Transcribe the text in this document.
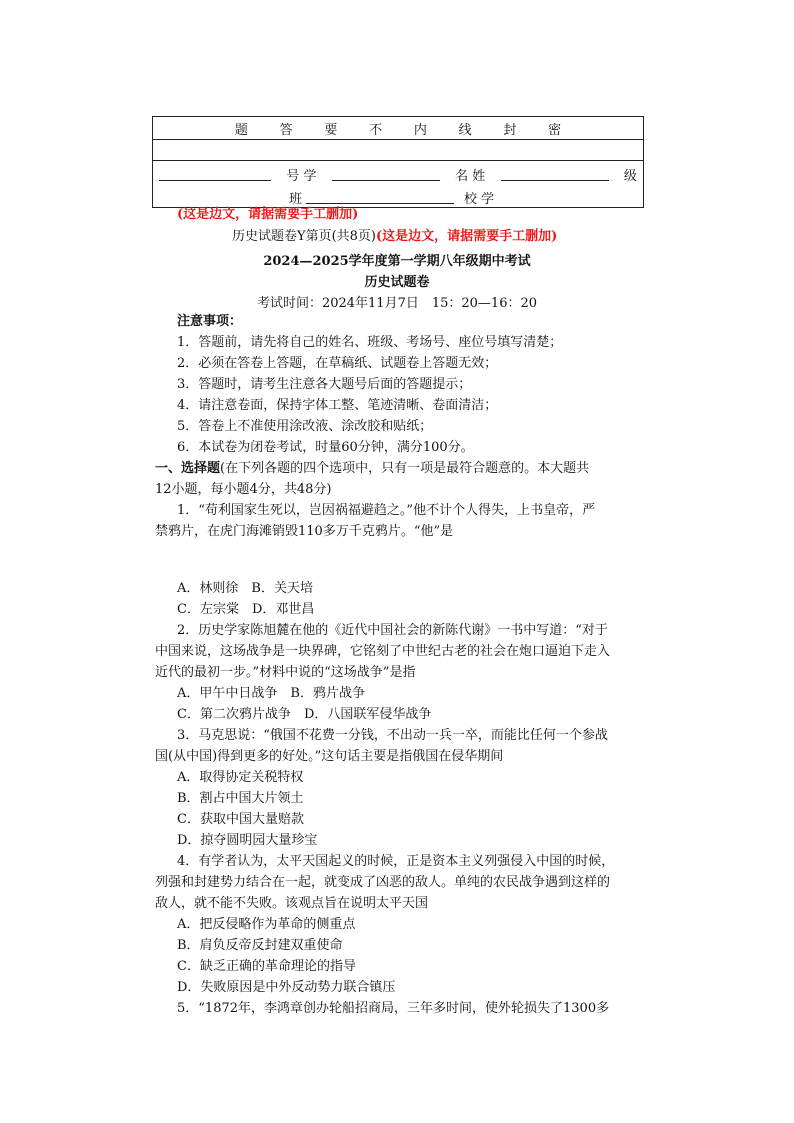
题 答 要 不 内 线 封 密

号 学	名 姓	级
班	校 学
(这是边文，请据需要手工删加)
历史试题卷Y第页(共8页)(这是边文，请据需要手工删加)
2024—2025学年度第一学期八年级期中考试
历史试题卷
考试时间：2024年11月7日　15：20—16：20
注意事项：
1．答题前，请先将自己的姓名、班级、考场号、座位号填写清楚；
2．必须在答卷上答题，在草稿纸、试题卷上答题无效；
3．答题时，请考生注意各大题号后面的答题提示；
4．请注意卷面，保持字体工整、笔迹清晰、卷面清洁；
5．答卷上不准使用涂改液、涂改胶和贴纸；
6．本试卷为闭卷考试，时量60分钟，满分100分。
一、选择题(在下列各题的四个选项中，只有一项是最符合题意的。本大题共
12小题，每小题4分，共48分)
1．“苟利国家生死以，岂因祸福避趋之。”他不计个人得失，上书皇帝，严
禁鸦片，在虎门海滩销毁110多万千克鸦片。“他”是
A．林则徐　B．关天培
C．左宗棠　D．邓世昌
2．历史学家陈旭麓在他的《近代中国社会的新陈代谢》一书中写道：“对于
中国来说，这场战争是一块界碑，它铭刻了中世纪古老的社会在炮口逼迫下走入
近代的最初一步。”材料中说的“这场战争”是指
A．甲午中日战争　B．鸦片战争
C．第二次鸦片战争　D．八国联军侵华战争
3．马克思说：“俄国不花费一分钱，不出动一兵一卒，而能比任何一个参战
国(从中国)得到更多的好处。”这句话主要是指俄国在侵华期间
A．取得协定关税特权
B．割占中国大片领土
C．获取中国大量赔款
D．掠夺圆明园大量珍宝
4．有学者认为，太平天国起义的时候，正是资本主义列强侵入中国的时候，
列强和封建势力结合在一起，就变成了凶恶的敌人。单纯的农民战争遇到这样的
敌人，就不能不失败。该观点旨在说明太平天国
A．把反侵略作为革命的侧重点
B．肩负反帝反封建双重使命
C．缺乏正确的革命理论的指导
D．失败原因是中外反动势力联合镇压
5．“1872年，李鸿章创办轮船招商局，三年多时间，使外轮损失了1300多
